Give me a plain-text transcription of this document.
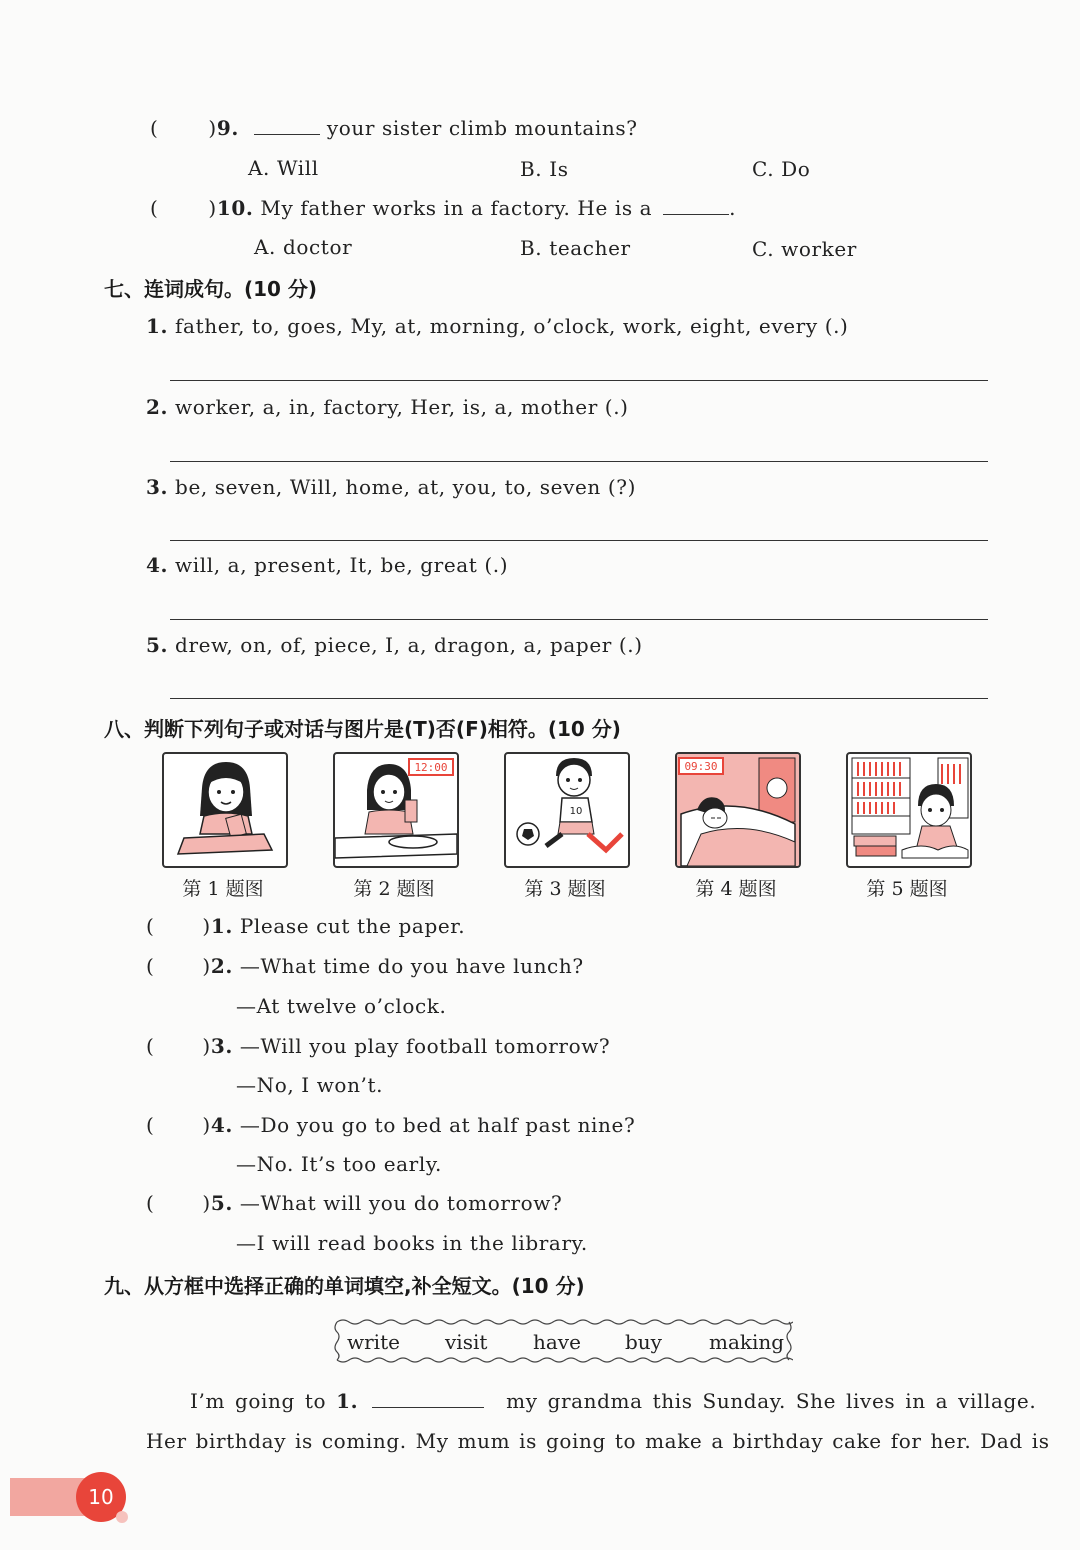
(	)9.	your sister climb mountains?
A. Will	B. Is	C. Do
(	)10. My father works in a factory. He is a	.
A. doctor	B. teacher	C. worker
七、连词成句。(10 分)
1. father, to, goes, My, at, morning, o’clock, work, eight, every (.)
2. worker, a, in, factory, Her, is, a, mother (.)
3. be, seven, Will, home, at, you, to, seven (?)
4. will, a, present, It, be, great (.)
5. drew, on, of, piece, I, a, dragon, a, paper (.)
八、判断下列句子或对话与图片是(T)否(F)相符。(10 分)
12:00
10
09:30
第 1 题图	第 2 题图	第 3 题图	第 4 题图	第 5 题图
( )1. Please cut the paper.
( )2. —What time do you have lunch?
—At twelve o’clock.
( )3. —Will you play football tomorrow?
—No, I won’t.
( )4. —Do you go to bed at half past nine?
—No. It’s too early.
( )5. —What will you do tomorrow?
—I will read books in the library.
九、从方框中选择正确的单词填空,补全短文。(10 分)
write visit have buy making
I’m going to 1.	my grandma this Sunday. She lives in a village.
Her birthday is coming. My mum is going to make a birthday cake for her. Dad is
10
